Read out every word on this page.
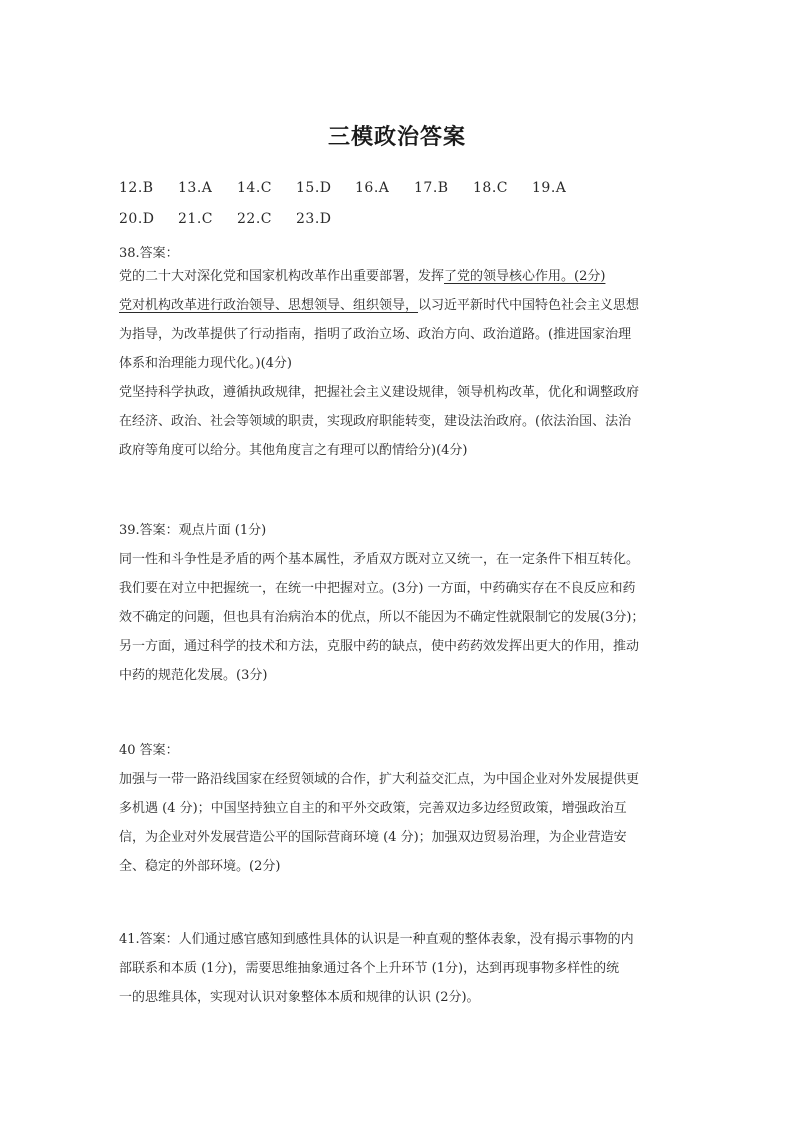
三模政治答案
12.B 13.A 14.C 15.D 16.A 17.B 18.C 19.A
20.D 21.C 22.C 23.D
38.答案：
党的二十大对深化党和国家机构改革作出重要部署，发挥了党的领导核心作用。(2分)
党对机构改革进行政治领导、思想领导、组织领导，以习近平新时代中国特色社会主义思想
为指导，为改革提供了行动指南，指明了政治立场、政治方向、政治道路。(推进国家治理
体系和治理能力现代化。)(4分)
党坚持科学执政，遵循执政规律，把握社会主义建设规律，领导机构改革，优化和调整政府
在经济、政治、社会等领域的职责，实现政府职能转变，建设法治政府。(依法治国、法治
政府等角度可以给分。其他角度言之有理可以酌情给分)(4分)
39.答案：观点片面 (1分)
同一性和斗争性是矛盾的两个基本属性，矛盾双方既对立又统一，在一定条件下相互转化。
我们要在对立中把握统一，在统一中把握对立。(3分) 一方面，中药确实存在不良反应和药
效不确定的问题，但也具有治病治本的优点，所以不能因为不确定性就限制它的发展(3分)；
另一方面，通过科学的技术和方法，克服中药的缺点，使中药药效发挥出更大的作用，推动
中药的规范化发展。(3分)
40 答案：
加强与一带一路沿线国家在经贸领域的合作，扩大利益交汇点，为中国企业对外发展提供更
多机遇 (4 分)；中国坚持独立自主的和平外交政策，完善双边多边经贸政策，增强政治互
信，为企业对外发展营造公平的国际营商环境 (4 分)；加强双边贸易治理，为企业营造安
全、稳定的外部环境。(2分)
41.答案：人们通过感官感知到感性具体的认识是一种直观的整体表象，没有揭示事物的内
部联系和本质 (1分)，需要思维抽象通过各个上升环节 (1分)，达到再现事物多样性的统
一的思维具体，实现对认识对象整体本质和规律的认识 (2分)。
